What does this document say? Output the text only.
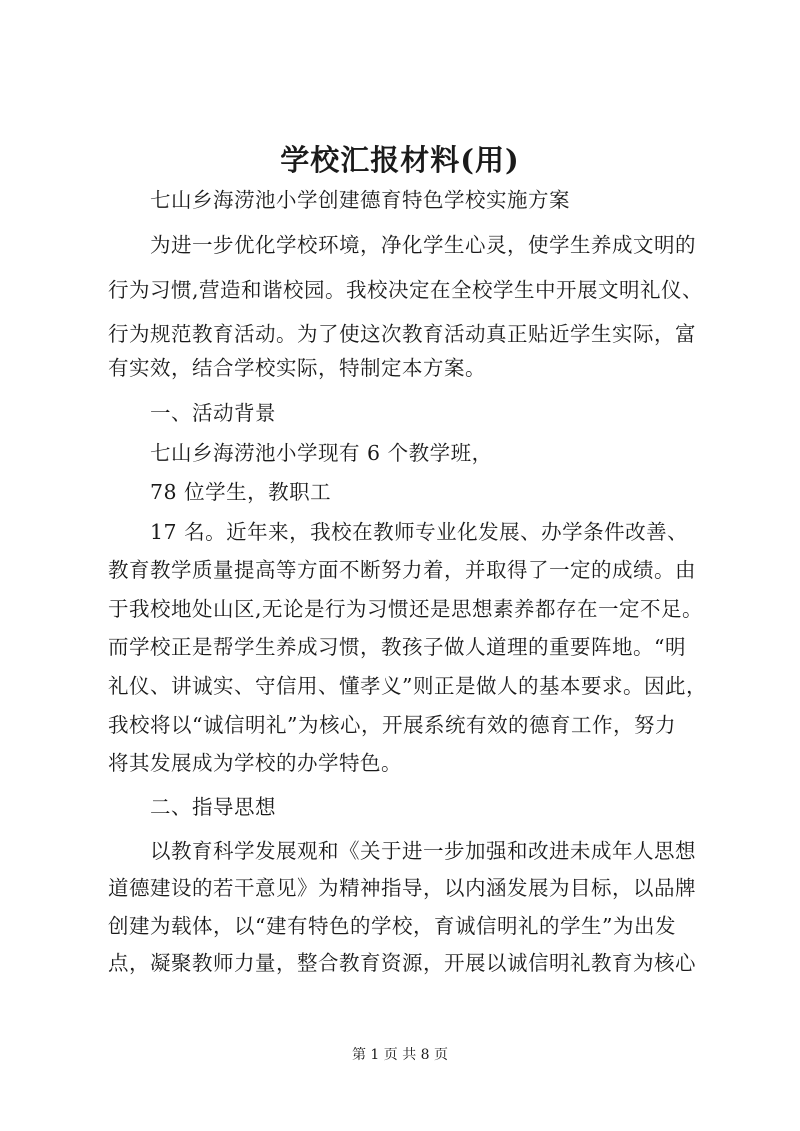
学校汇报材料(用)
　　七山乡海涝池小学创建德育特色学校实施方案
　　为进一步优化学校环境，净化学生心灵，使学生养成文明的
行为习惯,营造和谐校园。我校决定在全校学生中开展文明礼仪、
行为规范教育活动。为了使这次教育活动真正贴近学生实际，富
有实效，结合学校实际，特制定本方案。
　　一、活动背景
　　七山乡海涝池小学现有 6 个教学班，
　　78 位学生，教职工
　　17 名。近年来，我校在教师专业化发展、办学条件改善、
教育教学质量提高等方面不断努力着，并取得了一定的成绩。由
于我校地处山区,无论是行为习惯还是思想素养都存在一定不足。
而学校正是帮学生养成习惯，教孩子做人道理的重要阵地。“明
礼仪、讲诚实、守信用、懂孝义”则正是做人的基本要求。因此，
我校将以“诚信明礼”为核心，开展系统有效的德育工作，努力
将其发展成为学校的办学特色。
　　二、指导思想
　　以教育科学发展观和《关于进一步加强和改进未成年人思想
道德建设的若干意见》为精神指导，以内涵发展为目标，以品牌
创建为载体，以“建有特色的学校，育诚信明礼的学生”为出发
点，凝聚教师力量，整合教育资源，开展以诚信明礼教育为核心
第 1 页 共 8 页
